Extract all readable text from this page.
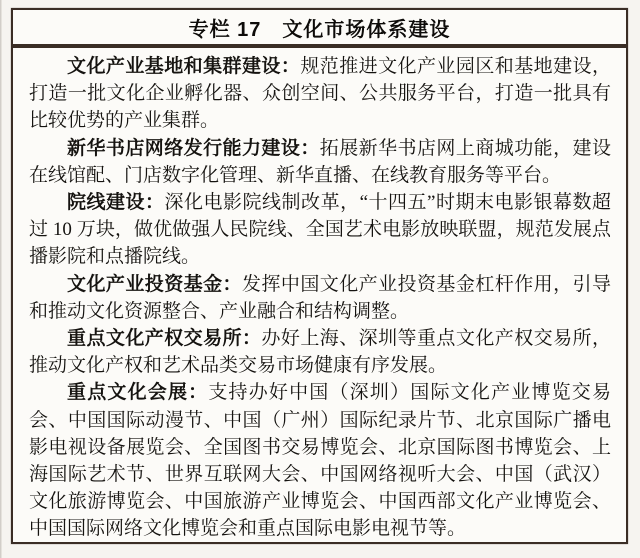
专栏 17　文化市场体系建设

文化产业基地和集群建设：规范推进文化产业园区和基地建设，打造一批文化企业孵化器、众创空间、公共服务平台，打造一批具有比较优势的产业集群。

新华书店网络发行能力建设：拓展新华书店网上商城功能，建设在线馆配、门店数字化管理、新华直播、在线教育服务等平台。

院线建设：深化电影院线制改革，“十四五”时期末电影银幕数超过 10 万块，做优做强人民院线、全国艺术电影放映联盟，规范发展点播影院和点播院线。

文化产业投资基金：发挥中国文化产业投资基金杠杆作用，引导和推动文化资源整合、产业融合和结构调整。

重点文化产权交易所：办好上海、深圳等重点文化产权交易所，推动文化产权和艺术品类交易市场健康有序发展。

重点文化会展：支持办好中国（深圳）国际文化产业博览交易会、中国国际动漫节、中国（广州）国际纪录片节、北京国际广播电影电视设备展览会、全国图书交易博览会、北京国际图书博览会、上海国际艺术节、世界互联网大会、中国网络视听大会、中国（武汉）文化旅游博览会、中国旅游产业博览会、中国西部文化产业博览会、中国国际网络文化博览会和重点国际电影电视节等。
